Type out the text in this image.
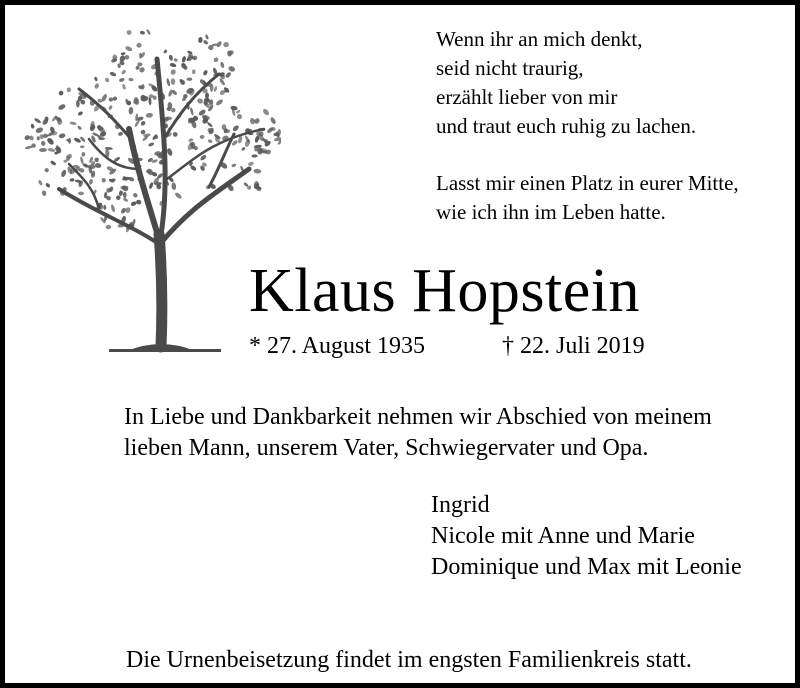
Wenn ihr an mich denkt,
seid nicht traurig,
erzählt lieber von mir
und traut euch ruhig zu lachen.
Lasst mir einen Platz in eurer Mitte,
wie ich ihn im Leben hatte.
Klaus Hopstein
* 27. August 1935	† 22. Juli 2019
In Liebe und Dankbarkeit nehmen wir Abschied von meinem
lieben Mann, unserem Vater, Schwiegervater und Opa.
Ingrid
Nicole mit Anne und Marie
Dominique und Max mit Leonie
Die Urnenbeisetzung findet im engsten Familienkreis statt.
